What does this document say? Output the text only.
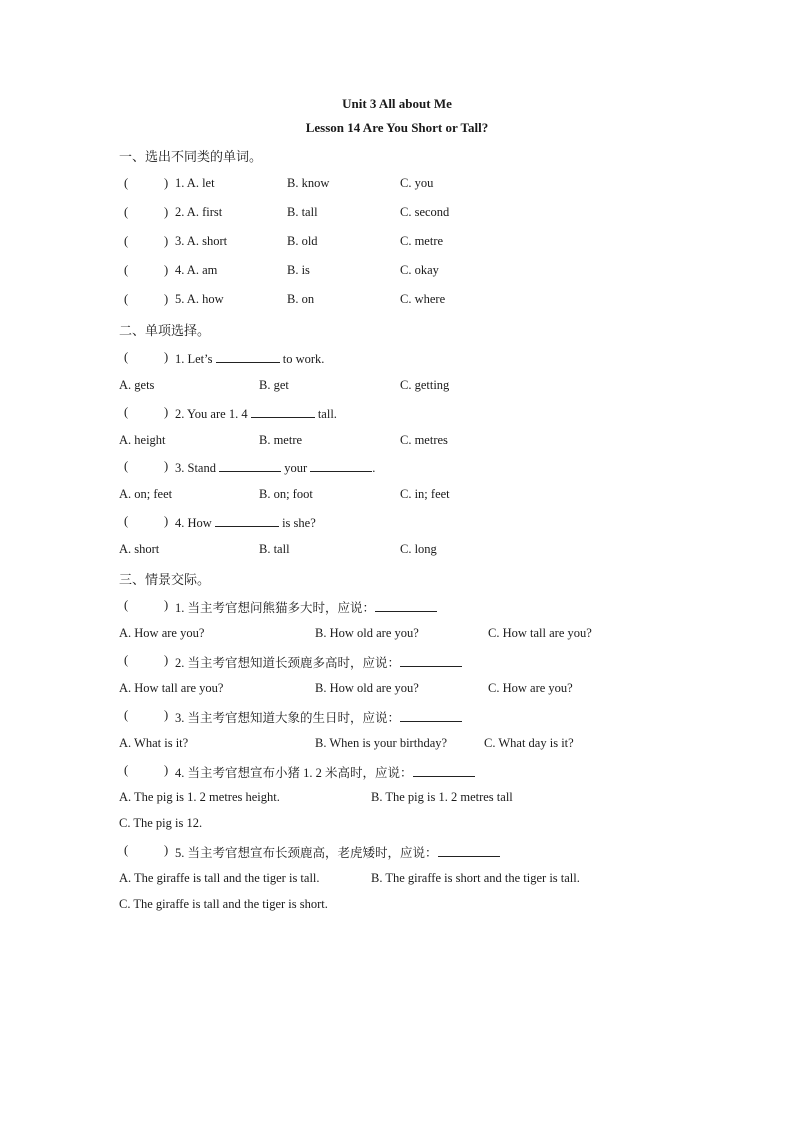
Unit 3 All about Me
Lesson 14 Are You Short or Tall?
一、选出不同类的单词。
(	) 1. A. let	B. know	C. you
(	) 2. A. first	B. tall	C. second
(	) 3. A. short	B. old	C. metre
(	) 4. A. am	B. is	C. okay
(	) 5. A. how	B. on	C. where
二、单项选择。
(	) 1. Let’s	to work.
A. gets	B. get	C. getting
(	) 2. You are 1. 4	tall.
A. height	B. metre	C. metres
(	) 3. Stand	your	.
A. on; feet	B. on; foot	C. in; feet
(	) 4. How	is she?
A. short	B. tall	C. long
三、情景交际。
(	) 1. 当主考官想问熊猫多大时，应说：
A. How are you?	B. How old are you?	C. How tall are you?
(	) 2. 当主考官想知道长颈鹿多高时，应说：
A. How tall are you?	B. How old are you?	C. How are you?
(	) 3. 当主考官想知道大象的生日时，应说：
A. What is it?	B. When is your birthday?	C. What day is it?
(	) 4. 当主考官想宣布小猪 1. 2 米高时，应说：
A. The pig is 1. 2 metres height.	B. The pig is 1. 2 metres tall
C. The pig is 12.
(	) 5. 当主考官想宣布长颈鹿高，老虎矮时，应说：
A. The giraffe is tall and the tiger is tall.	B. The giraffe is short and the tiger is tall.
C. The giraffe is tall and the tiger is short.
